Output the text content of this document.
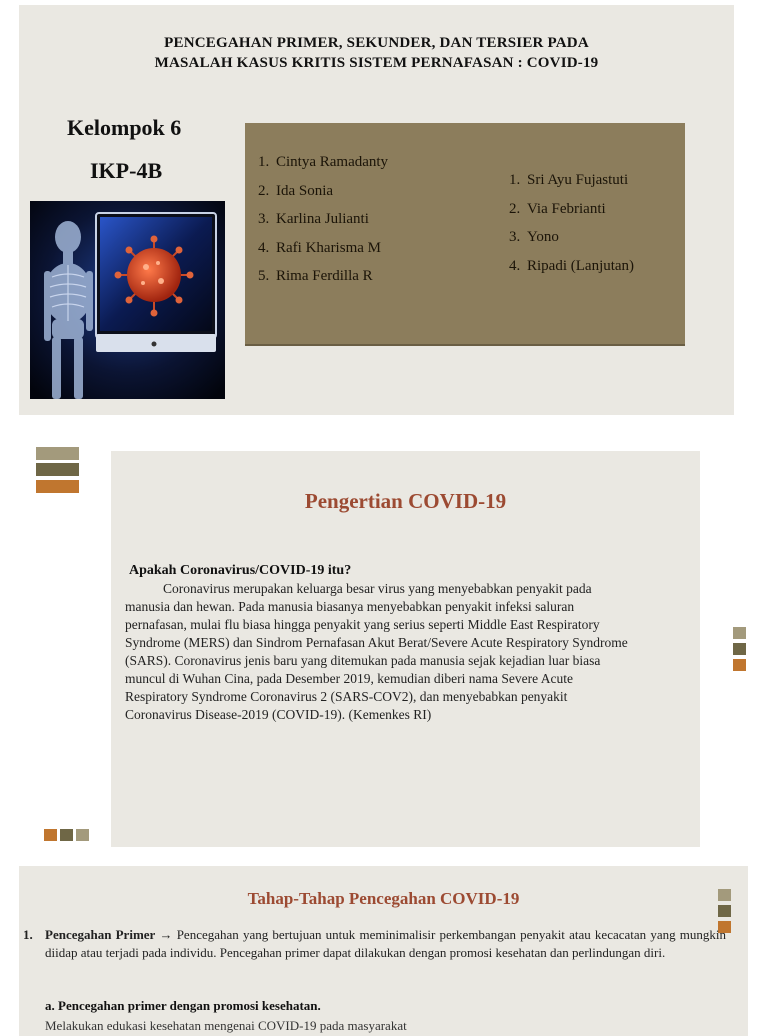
PENCEGAHAN PRIMER, SEKUNDER, DAN TERSIER PADA
MASALAH KASUS KRITIS SISTEM PERNAFASAN : COVID-19
Kelompok 6
IKP-4B	1. Cintya Ramadanty
2. Ida Sonia
3. Karlina Julianti
4. Rafi Kharisma M
5. Rima Ferdilla R
1. Sri Ayu Fujastuti
2. Via Febrianti
3. Yono
4. Ripadi (Lanjutan)
Pengertian COVID-19
Apakah Coronavirus/COVID-19 itu?
Coronavirus merupakan keluarga besar virus yang menyebabkan penyakit pada
manusia dan hewan. Pada manusia biasanya menyebabkan penyakit infeksi saluran
pernafasan, mulai flu biasa hingga penyakit yang serius seperti Middle East Respiratory
Syndrome (MERS) dan Sindrom Pernafasan Akut Berat/Severe Acute Respiratory Syndrome
(SARS). Coronavirus jenis baru yang ditemukan pada manusia sejak kejadian luar biasa
muncul di Wuhan Cina, pada Desember 2019, kemudian diberi nama Severe Acute
Respiratory Syndrome Coronavirus 2 (SARS-COV2), dan menyebabkan penyakit
Coronavirus Disease-2019 (COVID-19). (Kemenkes RI)
Tahap-Tahap Pencegahan COVID-19
1. Pencegahan Primer → Pencegahan yang bertujuan untuk meminimalisir perkembangan penyakit atau kecacatan yang mungkin diidap atau terjadi pada individu. Pencegahan primer dapat dilakukan dengan promosi kesehatan dan perlindungan diri.
a. Pencegahan primer dengan promosi kesehatan.
Melakukan edukasi kesehatan mengenai COVID-19 pada masyarakat
